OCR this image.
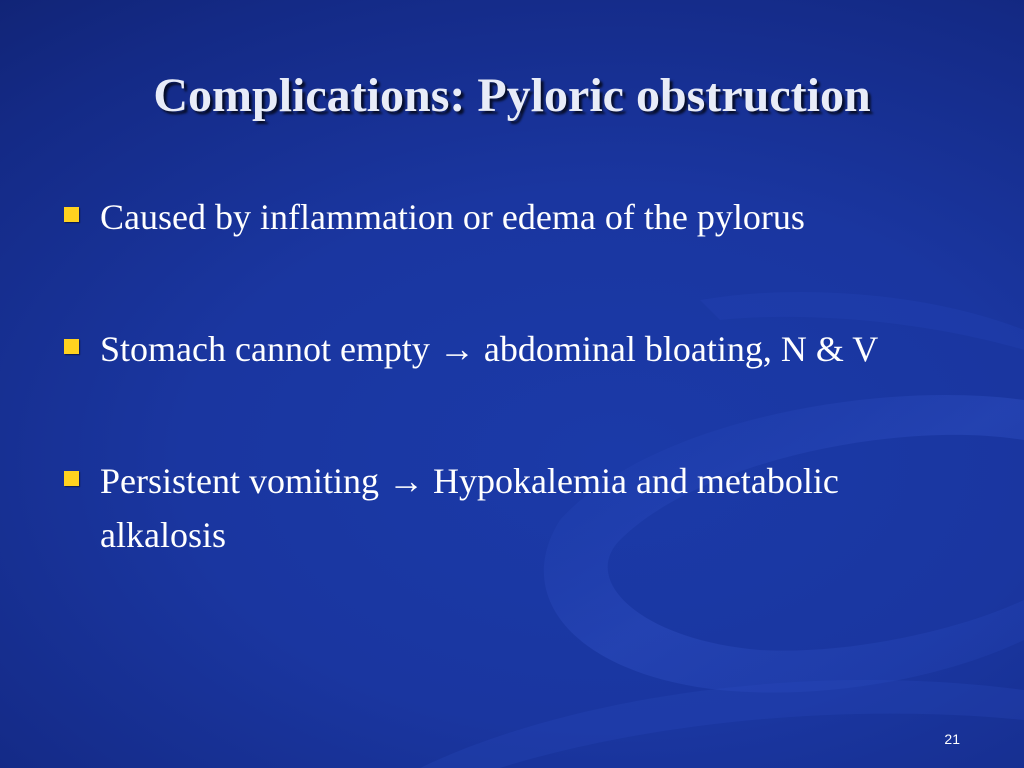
Complications: Pyloric obstruction
Caused by inflammation or edema of the pylorus
Stomach cannot empty → abdominal bloating, N & V
Persistent vomiting → Hypokalemia and metabolic alkalosis
21
